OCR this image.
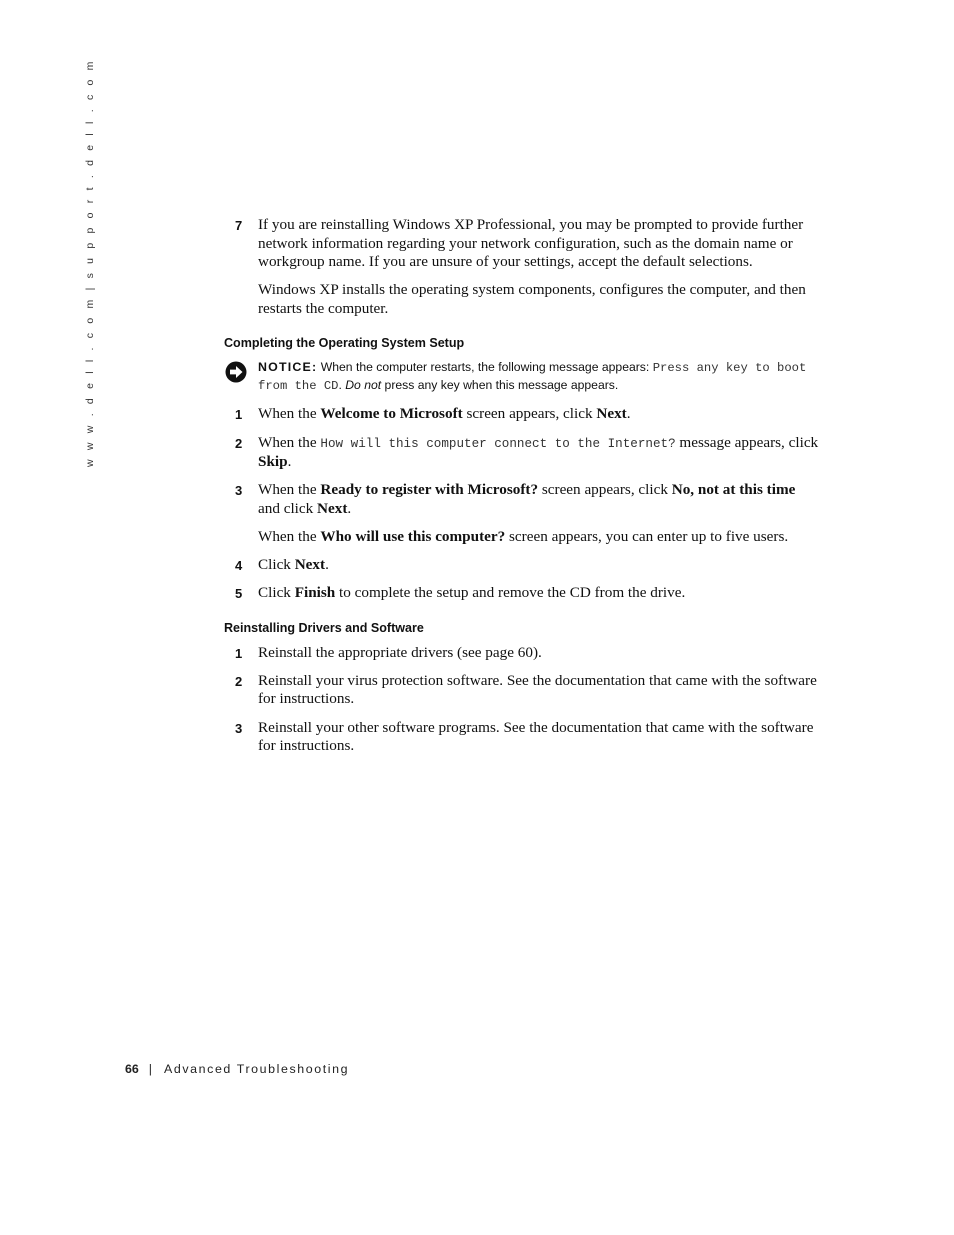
w w w . d e l l . c o m | s u p p o r t . d e l l . c o m	7 If you are reinstalling Windows XP Professional, you may be prompted to provide further network information regarding your network configuration, such as the domain name or workgroup name. If you are unsure of your settings, accept the default selections.
Windows XP installs the operating system components, configures the computer, and then restarts the computer.
Completing the Operating System Setup
NOTICE: When the computer restarts, the following message appears: Press any key to boot from the CD. Do not press any key when this message appears.
1 When the Welcome to Microsoft screen appears, click Next.
2 When the How will this computer connect to the Internet? message appears, click Skip.
3 When the Ready to register with Microsoft? screen appears, click No, not at this time and click Next.
When the Who will use this computer? screen appears, you can enter up to five users.
4 Click Next.
5 Click Finish to complete the setup and remove the CD from the drive.
Reinstalling Drivers and Software
1 Reinstall the appropriate drivers (see page 60).
2 Reinstall your virus protection software. See the documentation that came with the software for instructions.
3 Reinstall your other software programs. See the documentation that came with the software for instructions.
66 | Advanced Troubleshooting
